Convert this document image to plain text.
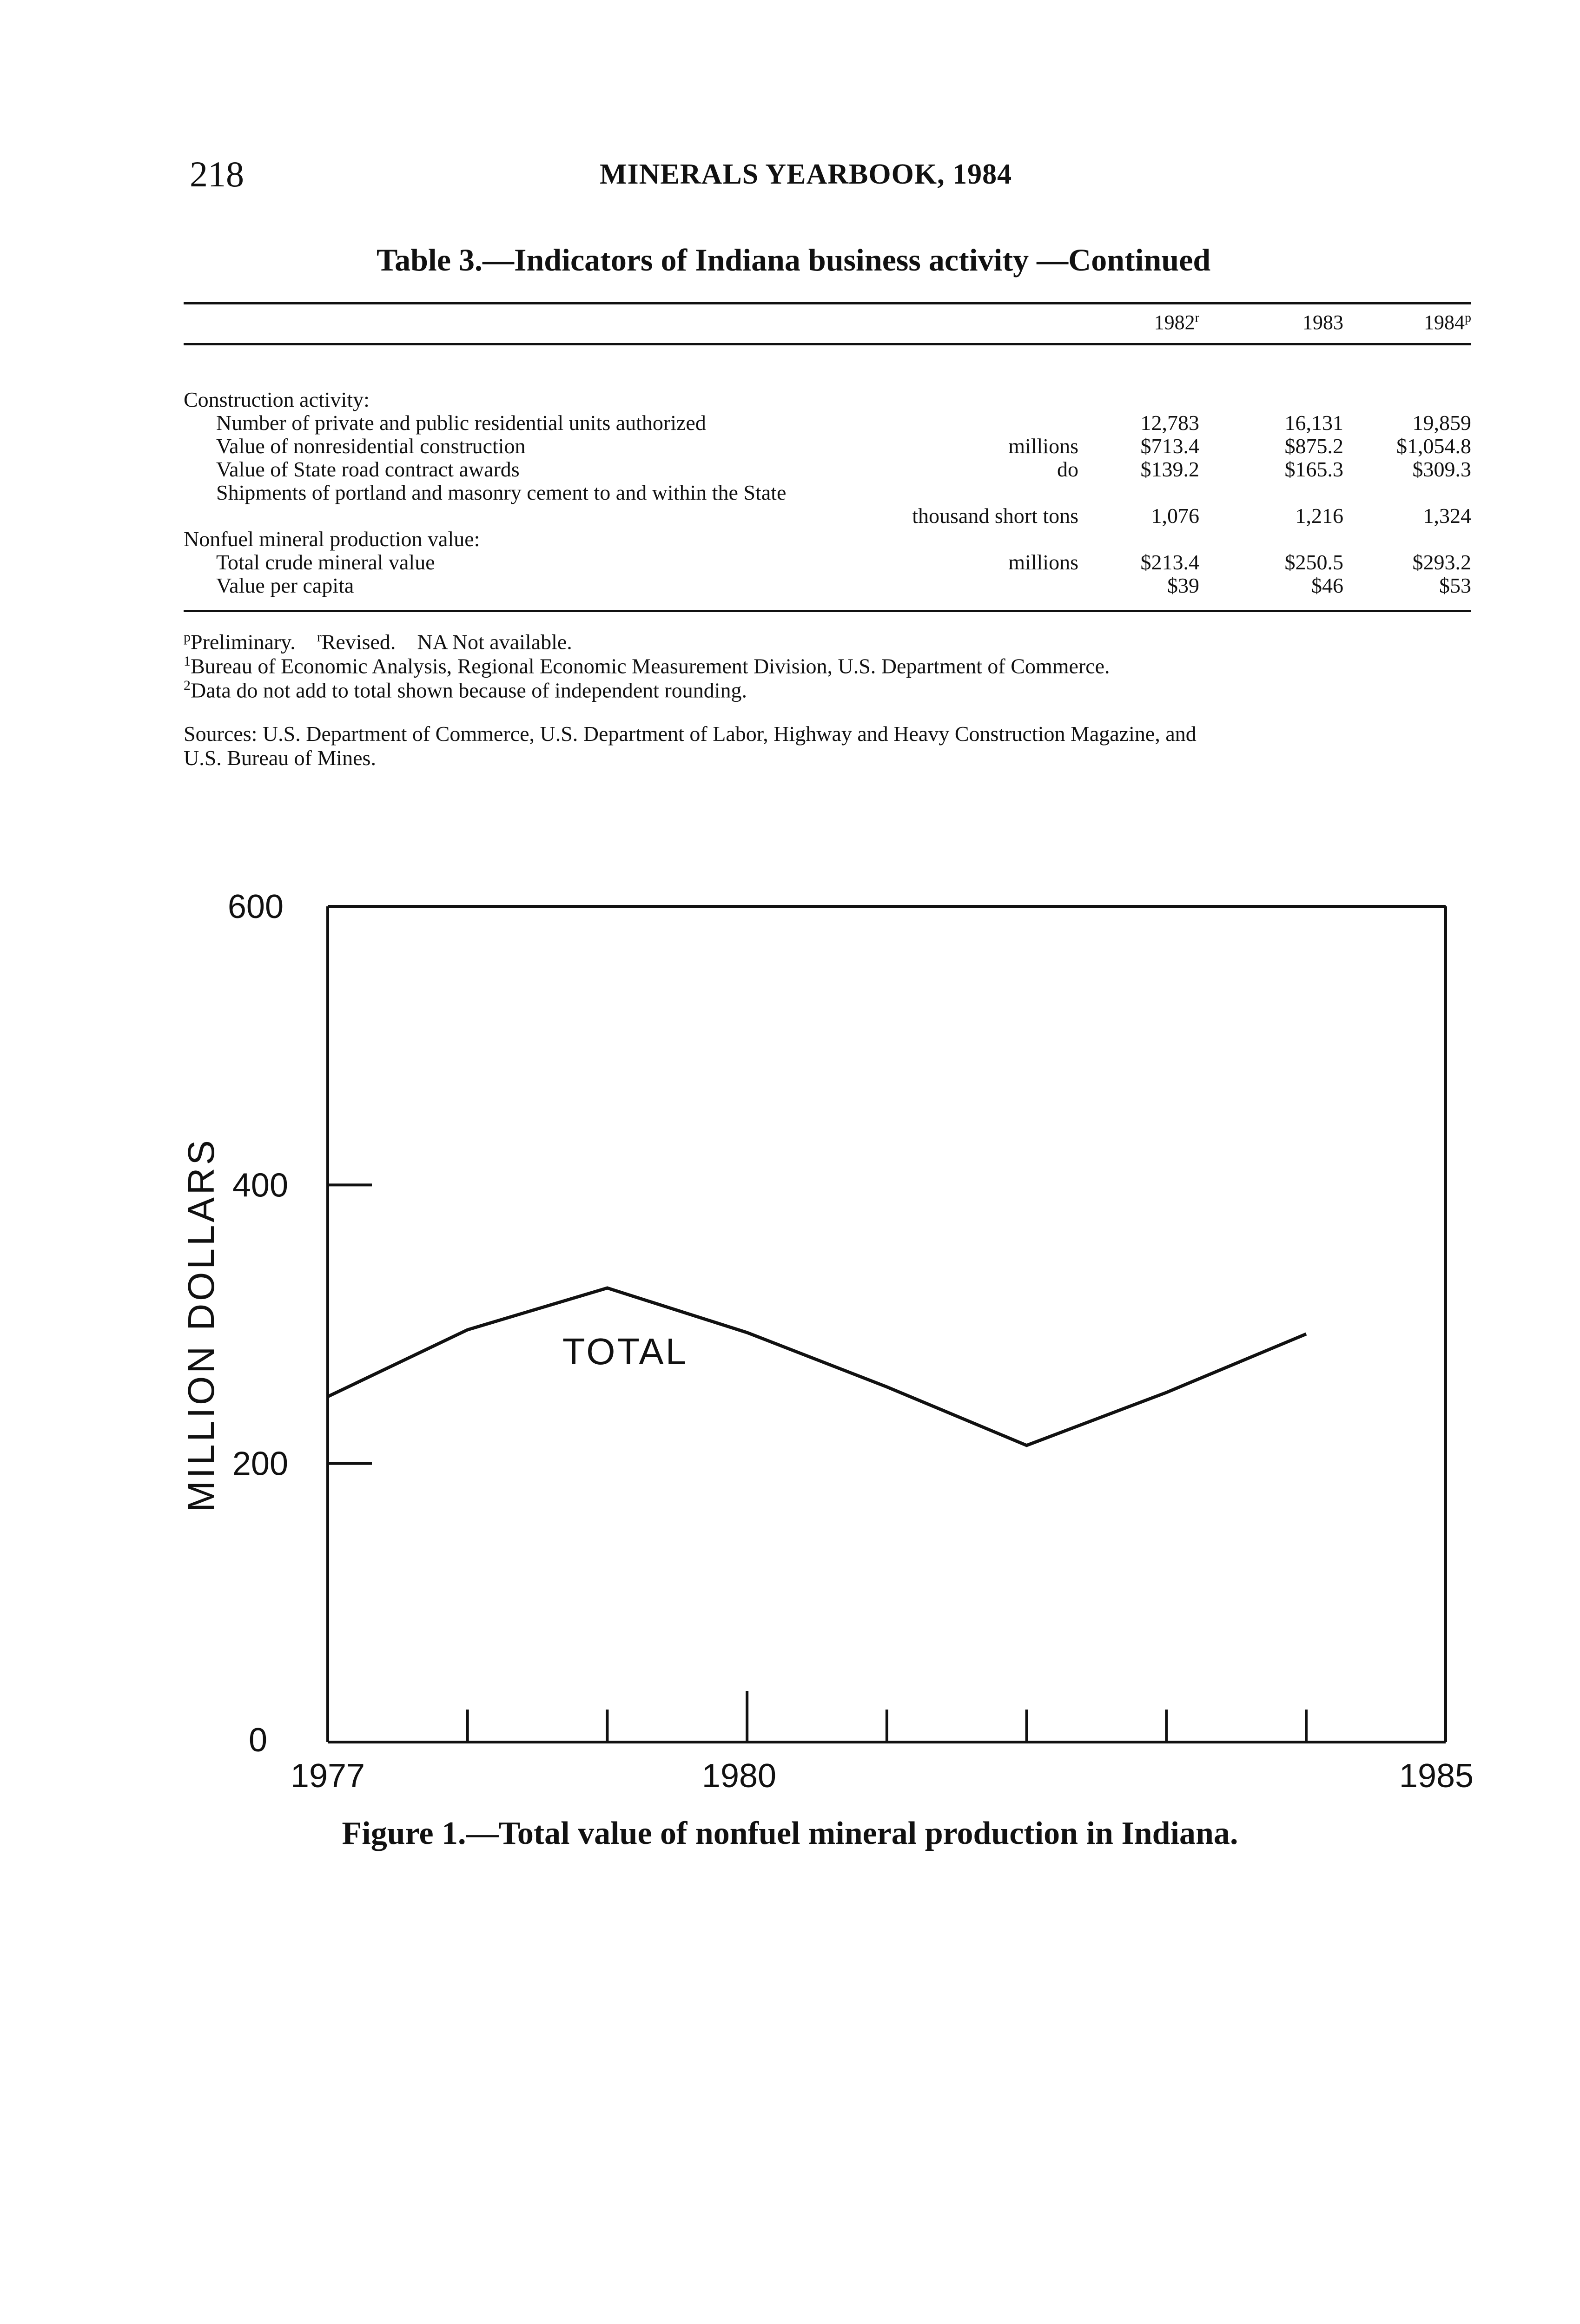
218	MINERALS YEARBOOK, 1984
Table 3.—Indicators of Indiana business activity —Continued
1982$^r$	1983	1984$^p$
Construction activity:
Number of private and public residential units authorized	12,783	16,131	19,859
Value of nonresidential construction	millions	$713.4	$875.2	$1,054.8
Value of State road contract awards	do	$139.2	$165.3	$309.3
Shipments of portland and masonry cement to and within the State
thousand short tons	1,076	1,216	1,324
Nonfuel mineral production value:
Total crude mineral value	millions	$213.4	$250.5	$293.2
Value per capita	$39	$46	$53
$^p$Preliminary. $^r$Revised. NA Not available.
$^1$Bureau of Economic Analysis, Regional Economic Measurement Division, U.S. Department of Commerce.
$^2$Data do not add to total shown because of independent rounding.
Sources: U.S. Department of Commerce, U.S. Department of Labor, Highway and Heavy Construction Magazine, and
U.S. Bureau of Mines.
0
200
400
600
1977	1980	1985
MILLION DOLLARS	TOTAL
Figure 1.—Total value of nonfuel mineral production in Indiana.
